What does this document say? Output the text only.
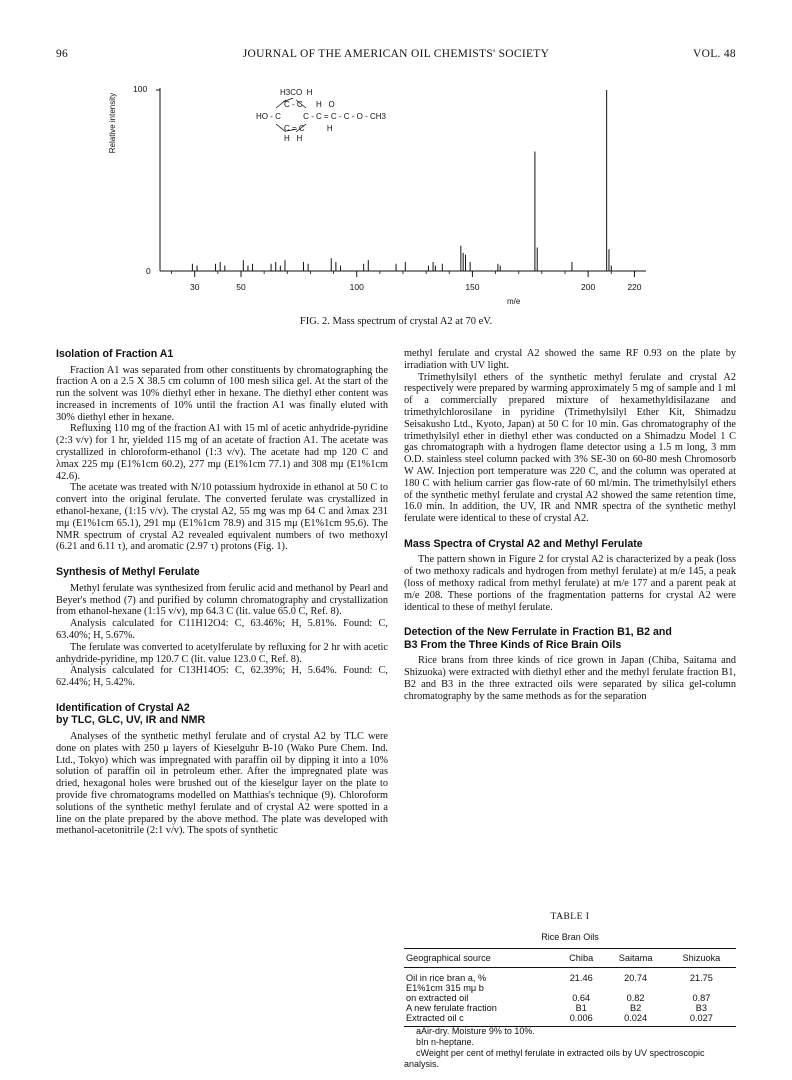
96	JOURNAL OF THE AMERICAN OIL CHEMISTS' SOCIETY	VOL. 48
30	50	100	150	200	220
Relative intensity
100
0
m/e
H3CO  H
C - C      H   O
HO - C          C - C = C - C - O - CH3
C = C          H
H   H
FIG. 2. Mass spectrum of crystal A2 at 70 eV.
Isolation of Fraction A1

Fraction A1 was separated from other constituents by chromatographing the fraction A on a 2.5 X 38.5 cm column of 100 mesh silica gel. At the start of the run the solvent was 10% diethyl ether in hexane. The diethyl ether content was increased in increments of 10% until the fraction A1 was finally eluted with 30% diethyl ether in hexane.

Refluxing 110 mg of the fraction A1 with 15 ml of acetic anhydride-pyridine (2:3 v/v) for 1 hr, yielded 115 mg of an acetate of fraction A1. The acetate was crystallized in chloroform-ethanol (1:3 v/v). The acetate had mp 120 C and λmax 225 mμ (E1%1cm 60.2), 277 mμ (E1%1cm 77.1) and 308 mμ (E1%1cm 42.6).

The acetate was treated with N/10 potassium hydroxide in ethanol at 50 C to convert into the original ferulate. The converted ferulate was crystallized in ethanol-hexane, (1:15 v/v). The crystal A2, 55 mg was mp 64 C and λmax 231 mμ (E1%1cm 65.1), 291 mμ (E1%1cm 78.9) and 315 mμ (E1%1cm 95.6). The NMR spectrum of crystal A2 revealed equivalent numbers of two methoxyl (6.21 and 6.11 τ), and aromatic (2.97 τ) protons (Fig. 1).

Synthesis of Methyl Ferulate

Methyl ferulate was synthesized from ferulic acid and methanol by Pearl and Beyer's method (7) and purified by column chromatography and crystallization from ethanol-hexane (1:15 v/v), mp 64.3 C (lit. value 65.0 C, Ref. 8).

Analysis calculated for C11H12O4: C, 63.46%; H, 5.81%. Found: C, 63.40%; H, 5.67%.

The ferulate was converted to acetylferulate by refluxing for 2 hr with acetic anhydride-pyridine, mp 120.7 C (lit. value 123.0 C, Ref. 8).

Analysis calculated for C13H14O5: C, 62.39%; H, 5.64%. Found: C, 62.44%; H, 5.42%.

Identification of Crystal A2
by TLC, GLC, UV, IR and NMR

Analyses of the synthetic methyl ferulate and of crystal A2 by TLC were done on plates with 250 μ layers of Kieselguhr B-10 (Wako Pure Chem. Ind. Ltd., Tokyo) which was impregnated with paraffin oil by dipping it into a 10% solution of paraffin oil in petroleum ether. After the impregnated plate was dried, hexagonal holes were brushed out of the kieselgur layer on the plate to provide five chromatograms modelled on Matthias's technique (9). Chloroform solutions of the synthetic methyl ferulate and of crystal A2 were spotted in a line on the plate prepared by the above method. The plate was developed with methanol-acetonitrile (2:1 v/v). The spots of synthetic

methyl ferulate and crystal A2 showed the same RF 0.93 on the plate by irradiation with UV light.

Trimethylsilyl ethers of the synthetic methyl ferulate and crystal A2 respectively were prepared by warming approximately 5 mg of sample and 1 ml of a commercially prepared mixture of hexamethyldisilazane and trimethylchlorosilane in pyridine (Trimethylsilyl Ether Kit, Shimadzu Seisakusho Ltd., Kyoto, Japan) at 50 C for 10 min. Gas chromatography of the trimethylsilyl ether in diethyl ether was conducted on a Shimadzu Model 1 C gas chromatograph with a hydrogen flame detector using a 1.5 m long, 3 mm O.D. stainless steel column packed with 3% SE-30 on 60-80 mesh Chromosorb W AW. Injection port temperature was 220 C, and the column was operated at 180 C with helium carrier gas flow-rate of 60 ml/min. The trimethylsilyl ethers of the synthetic methyl ferulate and crystal A2 showed the same retention time, 16.0 min. In addition, the UV, IR and NMR spectra of the synthetic methyl ferulate were identical to these of crystal A2.

Mass Spectra of Crystal A2 and Methyl Ferulate

The pattern shown in Figure 2 for crystal A2 is characterized by a peak (loss of two methoxy radicals and hydrogen from methyl ferulate) at m/e 145, a peak (loss of methoxy radical from methyl ferulate) at m/e 177 and a parent peak at m/e 208. These portions of the fragmentation patterns for crystal A2 were identical to these of methyl ferulate.

Detection of the New Ferrulate in Fraction B1, B2 and
B3 From the Three Kinds of Rice Brain Oils

Rice brans from three kinds of rice grown in Japan (Chiba, Saitama and Shizuoka) were extracted with diethyl ether and the methyl ferulate fraction B1, B2 and B3 in the three extracted oils were separated by silica gel-column chromatography by the same methods as for the separation

TABLE I
Rice Bran Oils
Geographical source	Chiba	Saitama	Shizuoka
Oil in rice bran a, %	21.46	20.74	21.75
E1%1cm 315 mμ b			
on extracted oil	0.64	0.82	0.87
A new ferulate fraction	B1	B2	B3
Extracted oil c	0.006	0.024	0.027
aAir-dry. Moisture 9% to 10%.
bIn n-heptane.
cWeight per cent of methyl ferulate in extracted oils by UV spectroscopic analysis.
